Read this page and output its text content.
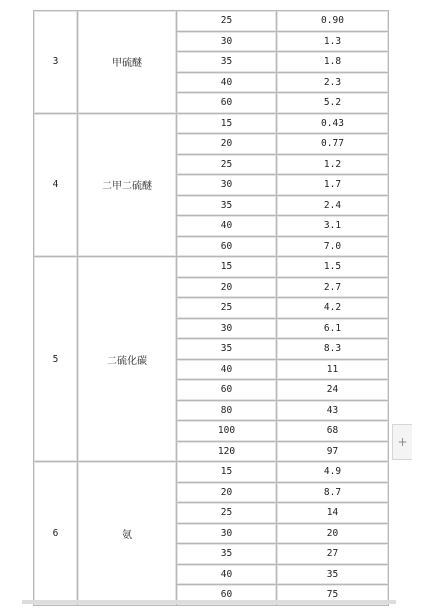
3	甲硫醚	25	0.90
		30	1.3
		35	1.8
		40	2.3
		60	5.2
4	二甲二硫醚	15	0.43
		20	0.77
		25	1.2
		30	1.7
		35	2.4
		40	3.1
		60	7.0
5	二硫化碳	15	1.5
		20	2.7
		25	4.2
		30	6.1
		35	8.3
		40	11
		60	24
		80	43
		100	68
		120	97
6	氨	15	4.9
		20	8.7
		25	14
		30	20
		35	27
		40	35
		60	75
+
